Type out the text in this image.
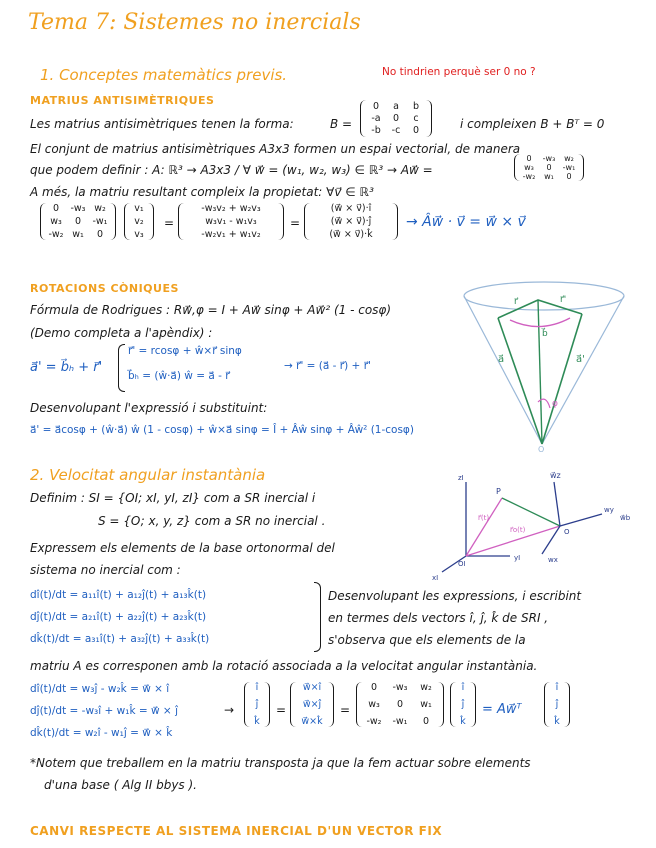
Tema 7: Sistemes no inercials
1. Conceptes matemàtics previs.	No tindrien perquè ser 0 no ?
MATRIUS ANTISIMÈTRIQUES
Les matrius antisimètriques tenen la forma:	B =
0	a	b
-a	0	c
-b	-c	0	i compleixen B + Bᵀ = 0
El conjunt de matrius antisimètriques A3x3 formen un espai vectorial, de manera
que podem definir : A: ℝ³ → A3x3 / ∀ w⃗ = (w₁, w₂, w₃) ∈ ℝ³ → Aw⃗ =
0	-w₃	w₂
w₃	0	-w₁
-w₂	w₁	0
A més, la matriu resultant compleix la propietat: ∀v⃗ ∈ ℝ³
0	-w₃ w₂
w₃	0	-w₁
-w₂ w₁	0
v₁
v₂
v₃
=
-w₃v₂ + w₂v₃
w₃v₁ - w₁v₃
-w₂v₁ + w₁v₂
=
(w⃗ × v⃗)·î
(w⃗ × v⃗)·ĵ
(w⃗ × v⃗)·k̂
→ Âw⃗ · v⃗ = w⃗ × v⃗
ROTACIONS CÒNIQUES
Fórmula de Rodrigues : Rw⃗,φ = I + Aw⃗ sinφ + Aw⃗² (1 - cosφ)
(Demo completa a l'apèndix) :
a⃗' = b⃗ₕ + r⃗'
r⃗' = rcosφ + ŵ×r⃗ sinφ
b⃗ₕ = (ŵ·a⃗) ŵ = a⃗ - r⃗
→ r⃗' = (a⃗ - r⃗) + r⃗'
Desenvolupant l'expressió i substituint:
a⃗' = a⃗cosφ + (ŵ·a⃗) ŵ (1 - cosφ) + ŵ×a⃗ sinφ = Î + Âŵ sinφ + Âŵ² (1-cosφ)
r⃗	r⃗'
b⃗
a⃗	a⃗'
φ
O
2. Velocitat angular instantània
Definim : SI = {OI; xI, yI, zI} com a SR inercial i
S = {O; x, y, z} com a SR no inercial .
Expressem els elements de la base ortonormal del
sistema no inercial com :
dî(t)/dt = a₁₁î(t) + a₁₂ĵ(t) + a₁₃k̂(t)
dĵ(t)/dt = a₂₁î(t) + a₂₂ĵ(t) + a₂₃k̂(t)
dk̂(t)/dt = a₃₁î(t) + a₃₂ĵ(t) + a₃₃k̂(t)
Desenvolupant les expressions, i escribint
en termes dels vectors î, ĵ, k̂ de SRI ,
s'observa que els elements de la
matriu A es corresponen amb la rotació associada a la velocitat angular instantània.
dî(t)/dt = w₃ĵ - w₂k̂ = w⃗ × î
dĵ(t)/dt = -w₃î + w₁k̂ = w⃗ × ĵ
dk̂(t)/dt = w₂î - w₁ĵ = w⃗ × k̂
→
î
ĵ
k̂
=
w⃗×î
w⃗×ĵ
w⃗×k̂
=
0	-w₃	w₂
w₃	0	w₁
-w₂	-w₁	0
î
ĵ
k̂
= Aw⃗ᵀ
î
ĵ
k̂
*Notem que treballem en la matriu transposta ja que la fem actuar sobre elements
d'una base ( Alg II bbys ).
zI
yI
xI
OI
P
r⃗o(t)
r⃗(t)
w⃗z
wy
w⃗b
wx
O
CANVI RESPECTE AL SISTEMA INERCIAL D'UN VECTOR FIX
